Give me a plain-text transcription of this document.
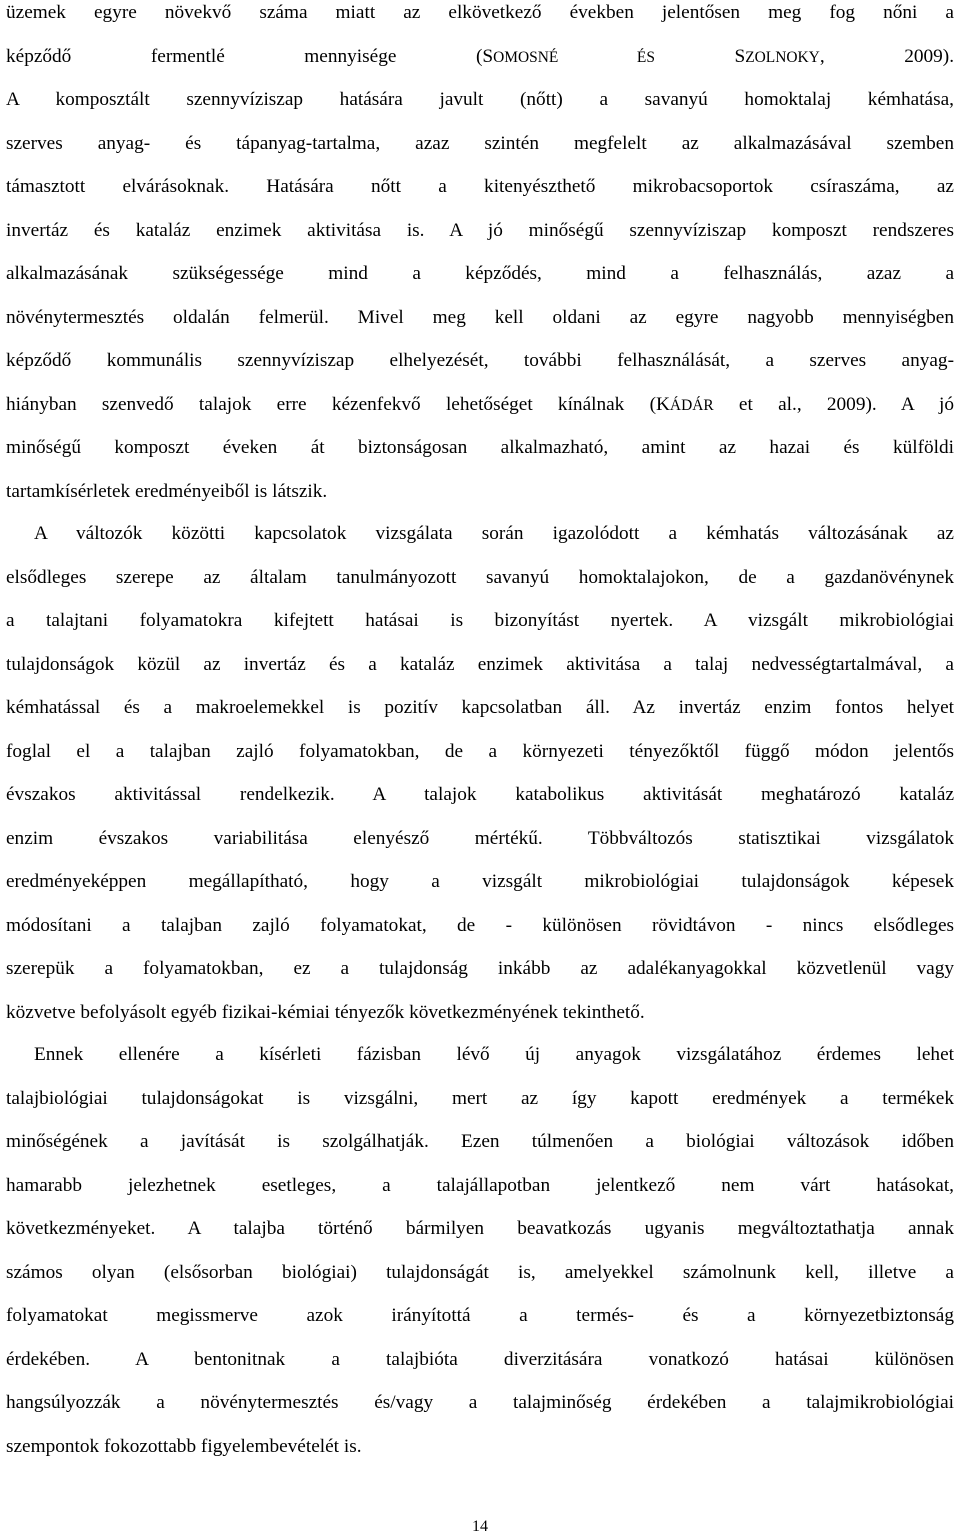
üzemek egyre növekvő száma miatt az elkövetkező években jelentősen meg fog nőni a
képződő fermentlé mennyisége (SOMOSNÉ ÉS SZOLNOKY, 2009).
A komposztált szennyvíziszap hatására javult (nőtt) a savanyú homoktalaj kémhatása,
szerves anyag- és tápanyag-tartalma, azaz szintén megfelelt az alkalmazásával szemben
támasztott elvárásoknak. Hatására nőtt a kitenyészthető mikrobacsoportok csíraszáma, az
invertáz és kataláz enzimek aktivitása is. A jó minőségű szennyvíziszap komposzt rendszeres
alkalmazásának szükségessége mind a képződés, mind a felhasználás, azaz a
növénytermesztés oldalán felmerül. Mivel meg kell oldani az egyre nagyobb mennyiségben
képződő kommunális szennyvíziszap elhelyezését, további felhasználását, a szerves anyag-
hiányban szenvedő talajok erre kézenfekvő lehetőséget kínálnak (KÁDÁR et al., 2009). A jó
minőségű komposzt éveken át biztonságosan alkalmazható, amint az hazai és külföldi
tartamkísérletek eredményeiből is látszik.
A változók közötti kapcsolatok vizsgálata során igazolódott a kémhatás változásának az
elsődleges szerepe az általam tanulmányozott savanyú homoktalajokon, de a gazdanövénynek
a talajtani folyamatokra kifejtett hatásai is bizonyítást nyertek. A vizsgált mikrobiológiai
tulajdonságok közül az invertáz és a kataláz enzimek aktivitása a talaj nedvességtartalmával, a
kémhatással és a makroelemekkel is pozitív kapcsolatban áll. Az invertáz enzim fontos helyet
foglal el a talajban zajló folyamatokban, de a környezeti tényezőktől függő módon jelentős
évszakos aktivitással rendelkezik. A talajok katabolikus aktivitását meghatározó kataláz
enzim évszakos variabilitása elenyésző mértékű. Többváltozós statisztikai vizsgálatok
eredményeképpen megállapítható, hogy a vizsgált mikrobiológiai tulajdonságok képesek
módosítani a talajban zajló folyamatokat, de - különösen rövidtávon - nincs elsődleges
szerepük a folyamatokban, ez a tulajdonság inkább az adalékanyagokkal közvetlenül vagy
közvetve befolyásolt egyéb fizikai-kémiai tényezők következményének tekinthető.
Ennek ellenére a kísérleti fázisban lévő új anyagok vizsgálatához érdemes lehet
talajbiológiai tulajdonságokat is vizsgálni, mert az így kapott eredmények a termékek
minőségének a javítását is szolgálhatják. Ezen túlmenően a biológiai változások időben
hamarabb jelezhetnek esetleges, a talajállapotban jelentkező nem várt hatásokat,
következményeket. A talajba történő bármilyen beavatkozás ugyanis megváltoztathatja annak
számos olyan (elsősorban biológiai) tulajdonságát is, amelyekkel számolnunk kell, illetve a
folyamatokat megissmerve azok irányítottá a termés- és a környezetbiztonság
érdekében. A bentonitnak a talajbióta diverzitására vonatkozó hatásai különösen
hangsúlyozzák a növénytermesztés és/vagy a talajminőség érdekében a talajmikrobiológiai
szempontok fokozottabb figyelembevételét is.
14
